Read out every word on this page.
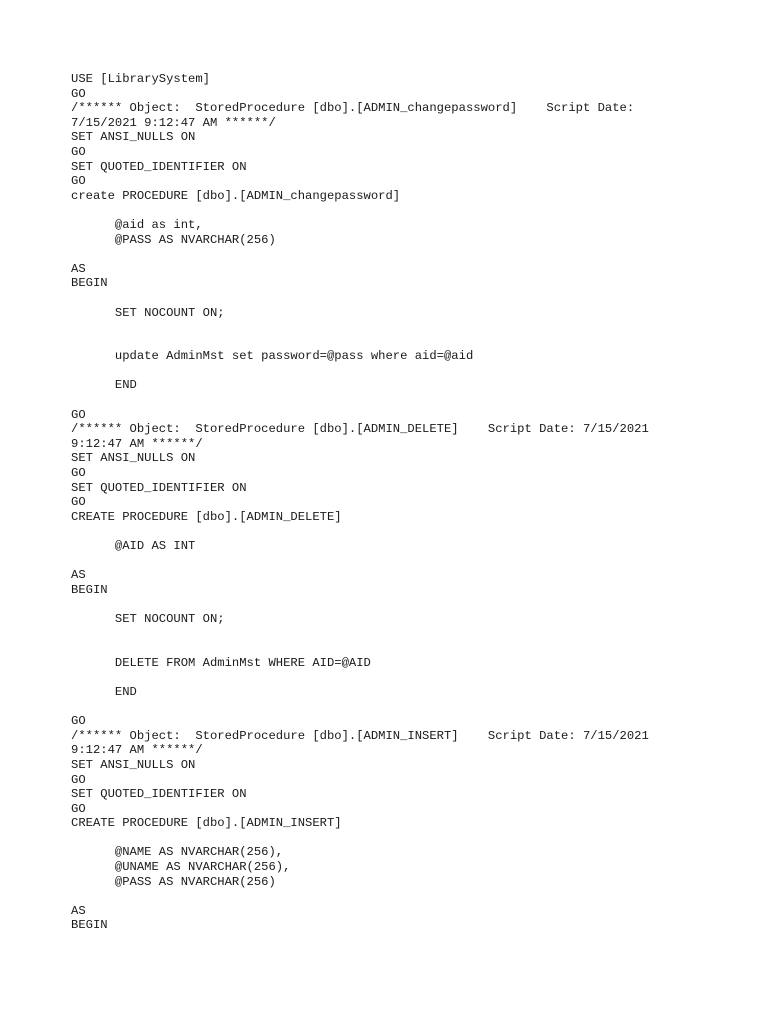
USE [LibrarySystem]
GO
/****** Object:  StoredProcedure [dbo].[ADMIN_changepassword]    Script Date:
7/15/2021 9:12:47 AM ******/
SET ANSI_NULLS ON
GO
SET QUOTED_IDENTIFIER ON
GO
create PROCEDURE [dbo].[ADMIN_changepassword]
@aid as int,
@PASS AS NVARCHAR(256)
AS
BEGIN
SET NOCOUNT ON;
update AdminMst set password=@pass where aid=@aid
END
GO
/****** Object:  StoredProcedure [dbo].[ADMIN_DELETE]    Script Date: 7/15/2021
9:12:47 AM ******/
SET ANSI_NULLS ON
GO
SET QUOTED_IDENTIFIER ON
GO
CREATE PROCEDURE [dbo].[ADMIN_DELETE]
@AID AS INT
AS
BEGIN
SET NOCOUNT ON;
DELETE FROM AdminMst WHERE AID=@AID
END
GO
/****** Object:  StoredProcedure [dbo].[ADMIN_INSERT]    Script Date: 7/15/2021
9:12:47 AM ******/
SET ANSI_NULLS ON
GO
SET QUOTED_IDENTIFIER ON
GO
CREATE PROCEDURE [dbo].[ADMIN_INSERT]
@NAME AS NVARCHAR(256),
@UNAME AS NVARCHAR(256),
@PASS AS NVARCHAR(256)
AS
BEGIN
